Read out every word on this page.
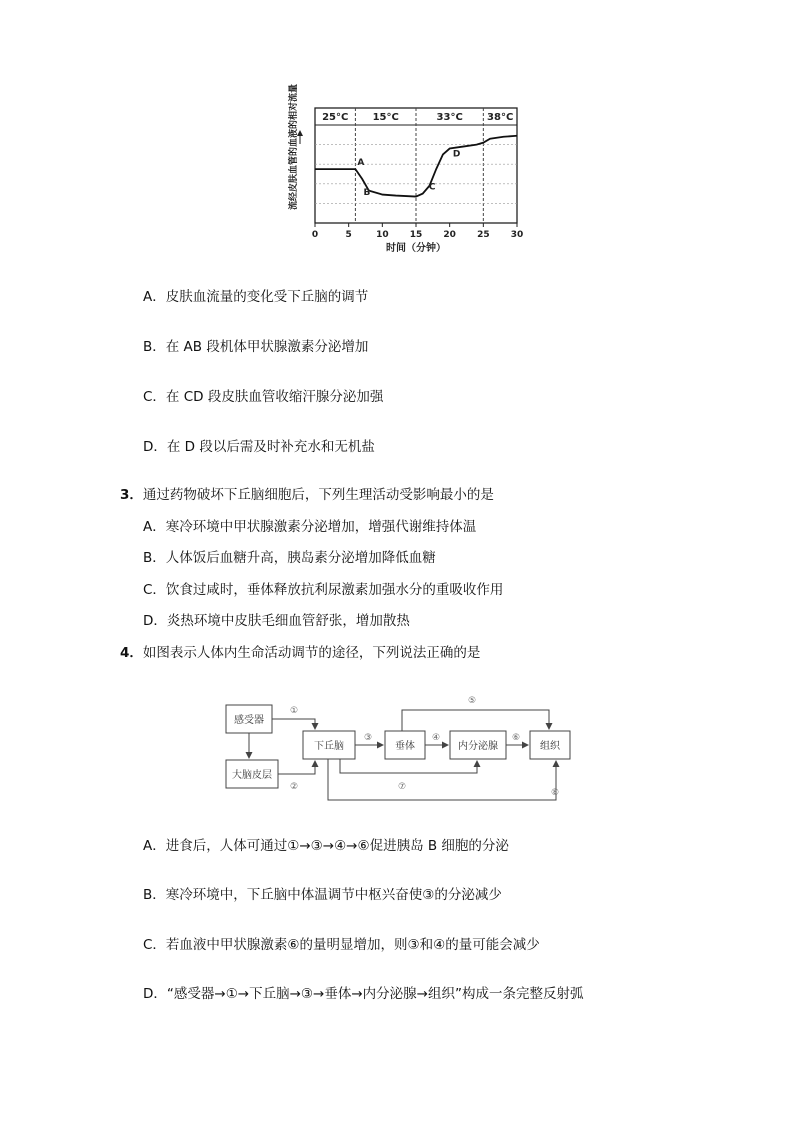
25°C 15°C	33°C 38°C
A
B
C
D
0	5	10 15 20 25 30
流经皮肤血管的血液的相对流量
时间（分钟）
A．皮肤血流量的变化受下丘脑的调节
B．在 AB 段机体甲状腺激素分泌增加
C．在 CD 段皮肤血管收缩汗腺分泌加强
D．在 D 段以后需及时补充水和无机盐
3．通过药物破坏下丘脑细胞后，下列生理活动受影响最小的是
A．寒冷环境中甲状腺激素分泌增加，增强代谢维持体温
B．人体饭后血糖升高，胰岛素分泌增加降低血糖
C．饮食过咸时，垂体释放抗利尿激素加强水分的重吸收作用
D．炎热环境中皮肤毛细血管舒张，增加散热
4．如图表示人体内生命活动调节的途径，下列说法正确的是
感受器
大脑皮层
下丘脑	垂体	内分泌腺	组织
①
②
③	④
⑤
⑥
⑦
⑧
A．进食后，人体可通过①→③→④→⑥促进胰岛 B 细胞的分泌
B．寒冷环境中，下丘脑中体温调节中枢兴奋使③的分泌减少
C．若血液中甲状腺激素⑥的量明显增加，则③和④的量可能会减少
D．“感受器→①→下丘脑→③→垂体→内分泌腺→组织”构成一条完整反射弧
